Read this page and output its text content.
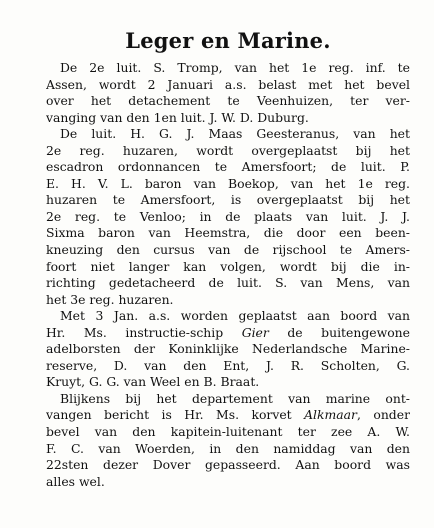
Leger en Marine.

De 2e luit. S. Tromp, van het 1e reg. inf. te
Assen, wordt 2 Januari a.s. belast met het bevel
over het detachement te Veenhuizen, ter ver-
vanging van den 1en luit. J. W. D. Duburg.

De luit. H. G. J. Maas Geesteranus, van het
2e reg. huzaren, wordt overgeplaatst bij het
escadron ordonnancen te Amersfoort; de luit. P.
E. H. V. L. baron van Boekop, van het 1e reg.
huzaren te Amersfoort, is overgeplaatst bij het
2e reg. te Venloo; in de plaats van luit. J. J.
Sixma baron van Heemstra, die door een been-
kneuzing den cursus van de rijschool te Amers-
foort niet langer kan volgen, wordt bij die in-
richting gedetacheerd de luit. S. van Mens, van
het 3e reg. huzaren.

Met 3 Jan. a.s. worden geplaatst aan boord van
Hr. Ms. instructie-schip Gier de buitengewone
adelborsten der Koninklijke Nederlandsche Marine-
reserve, D. van den Ent, J. R. Scholten, G.
Kruyt, G. G. van Weel en B. Braat.

Blijkens bij het departement van marine ont-
vangen bericht is Hr. Ms. korvet Alkmaar, onder
bevel van den kapitein-luitenant ter zee A. W.
F. C. van Woerden, in den namiddag van den
22sten dezer Dover gepasseerd. Aan boord was
alles wel.
